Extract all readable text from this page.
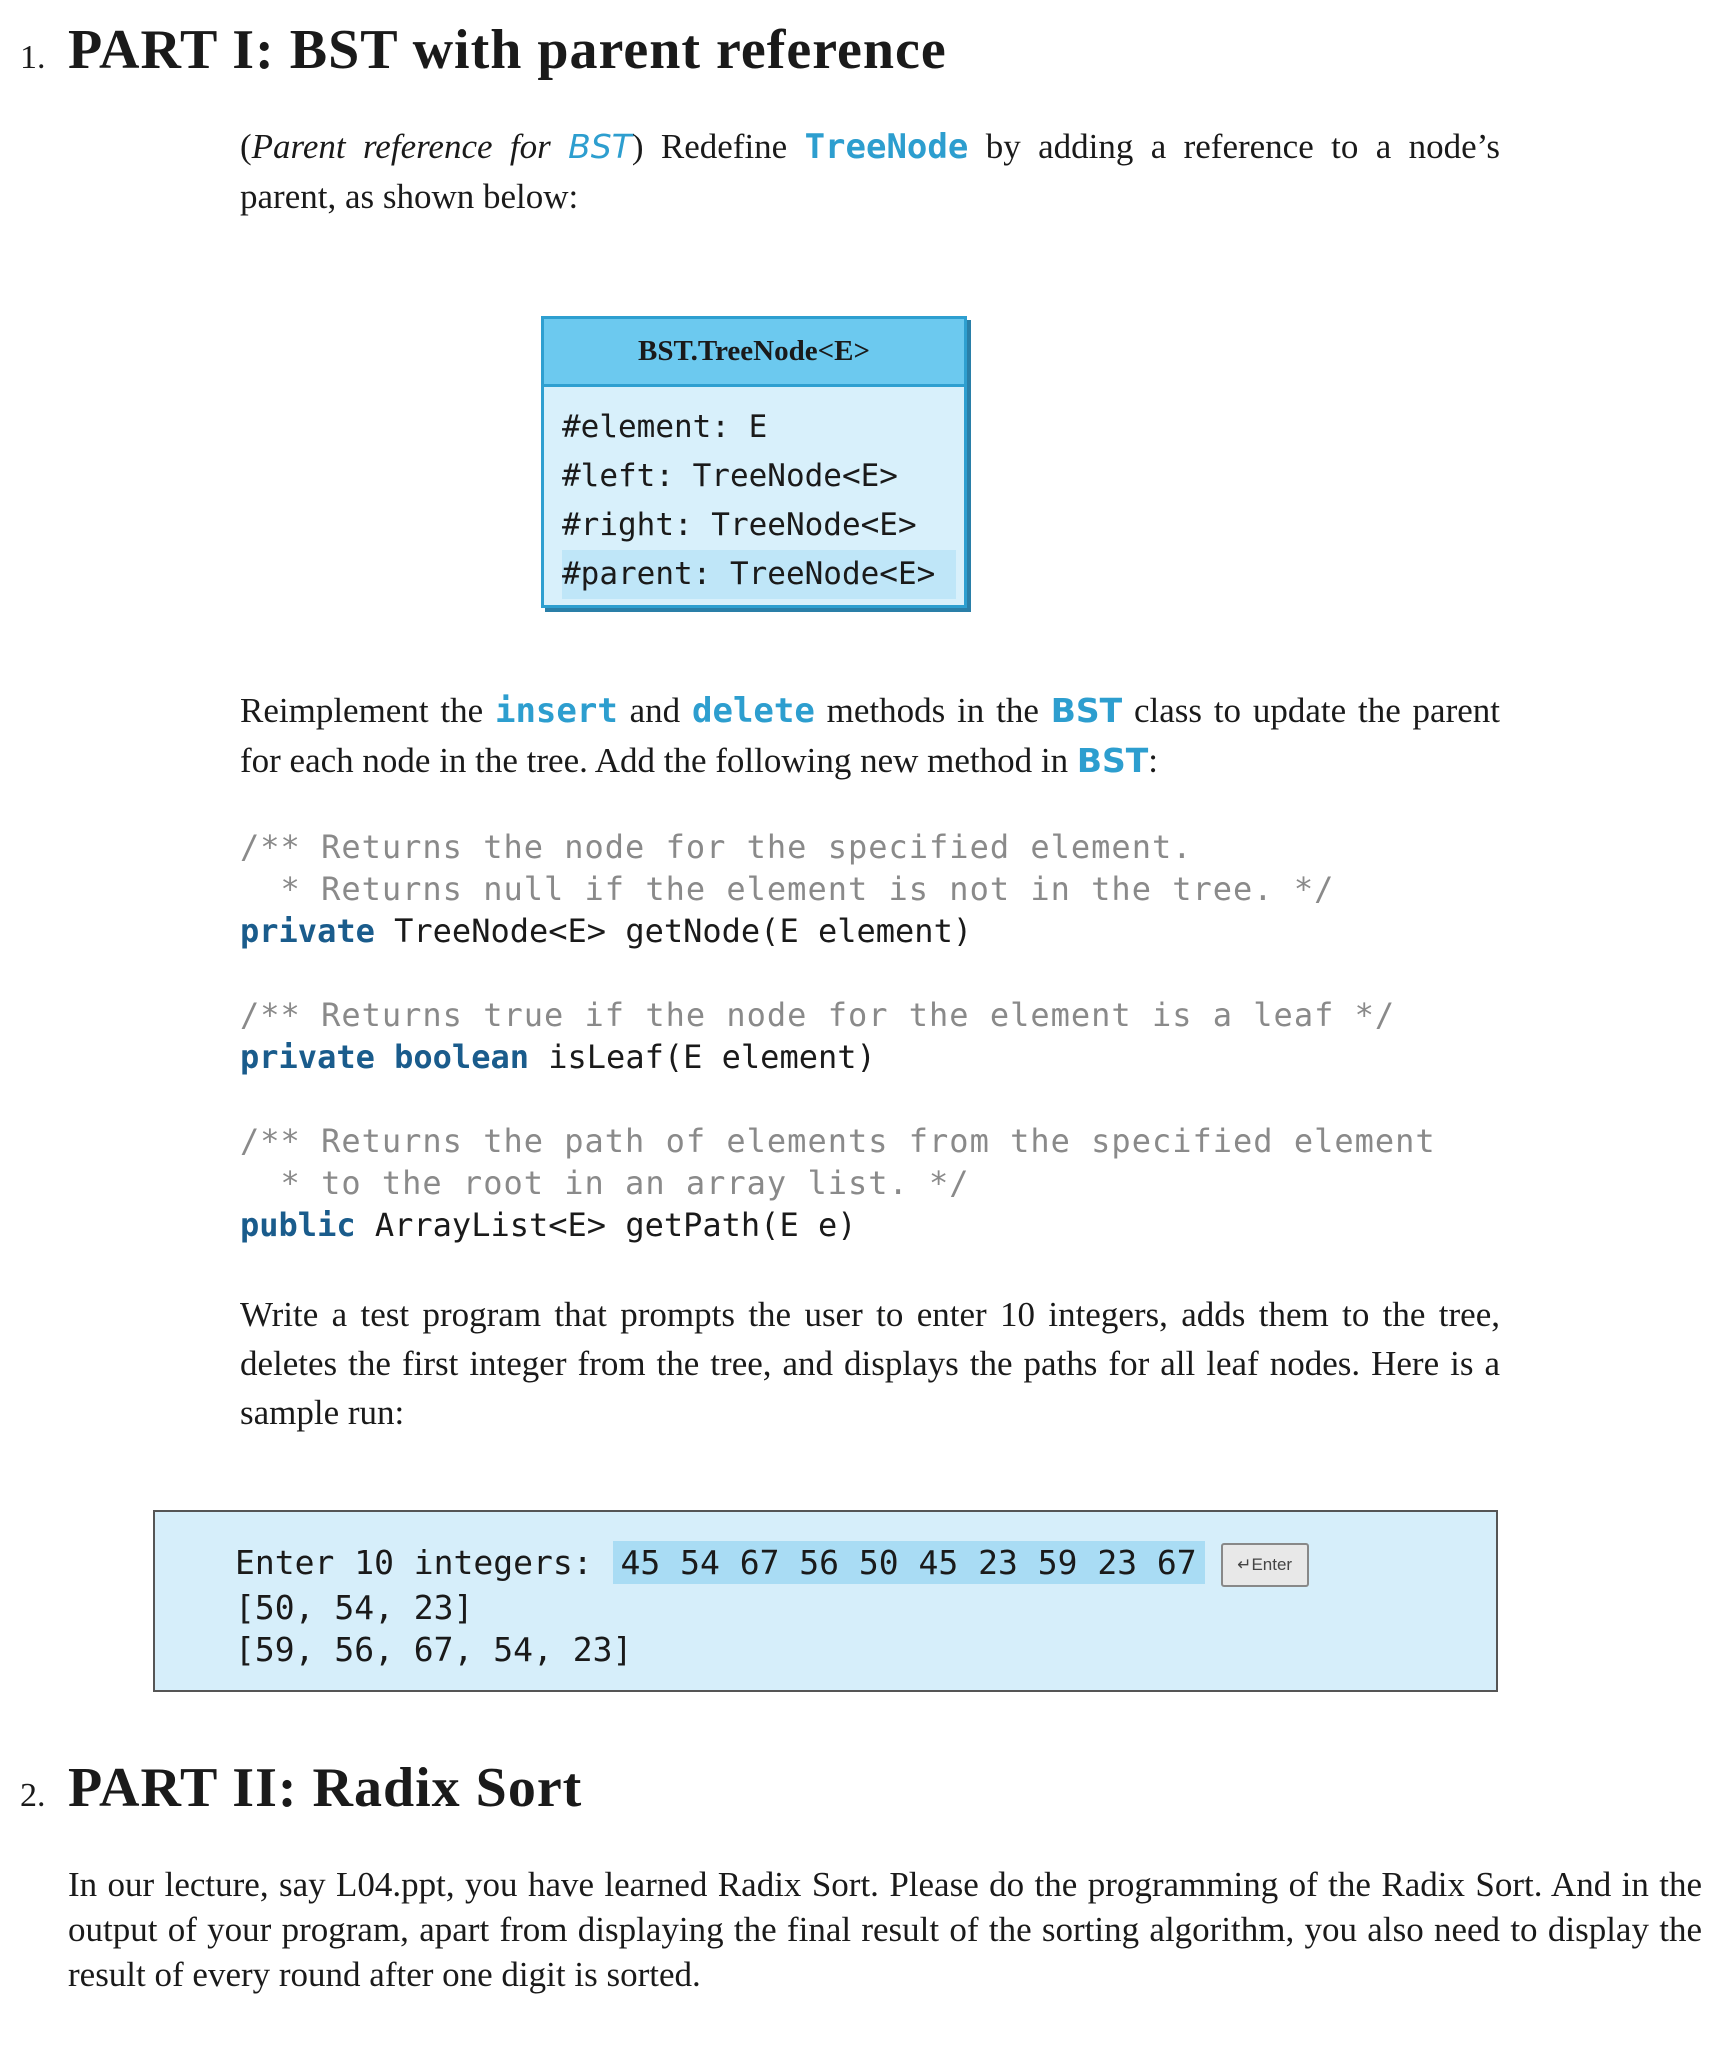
1. PART I: BST with parent reference
(Parent reference for BST) Redefine TreeNode by adding a reference to a node’s parent, as shown below:
BST.TreeNode<E>
#element: E
#left: TreeNode<E>
#right: TreeNode<E>
#parent: TreeNode<E>
Reimplement the insert and delete methods in the BST class to update the parent for each node in the tree. Add the following new method in BST:
/** Returns the node for the specified element.
* Returns null if the element is not in the tree. */
private TreeNode<E> getNode(E element)
/** Returns true if the node for the element is a leaf */
private boolean isLeaf(E element)
/** Returns the path of elements from the specified element
* to the root in an array list. */
public ArrayList<E> getPath(E e)
Write a test program that prompts the user to enter 10 integers, adds them to the tree, deletes the first integer from the tree, and displays the paths for all leaf nodes. Here is a sample run:
Enter 10 integers: 45 54 67 56 50 45 23 59 23 67 ↵Enter
[50, 54, 23]
[59, 56, 67, 54, 23]
2. PART II: Radix Sort
In our lecture, say L04.ppt, you have learned Radix Sort. Please do the programming of the Radix Sort. And in the output of your program, apart from displaying the final result of the sorting algorithm, you also need to display the result of every round after one digit is sorted.
